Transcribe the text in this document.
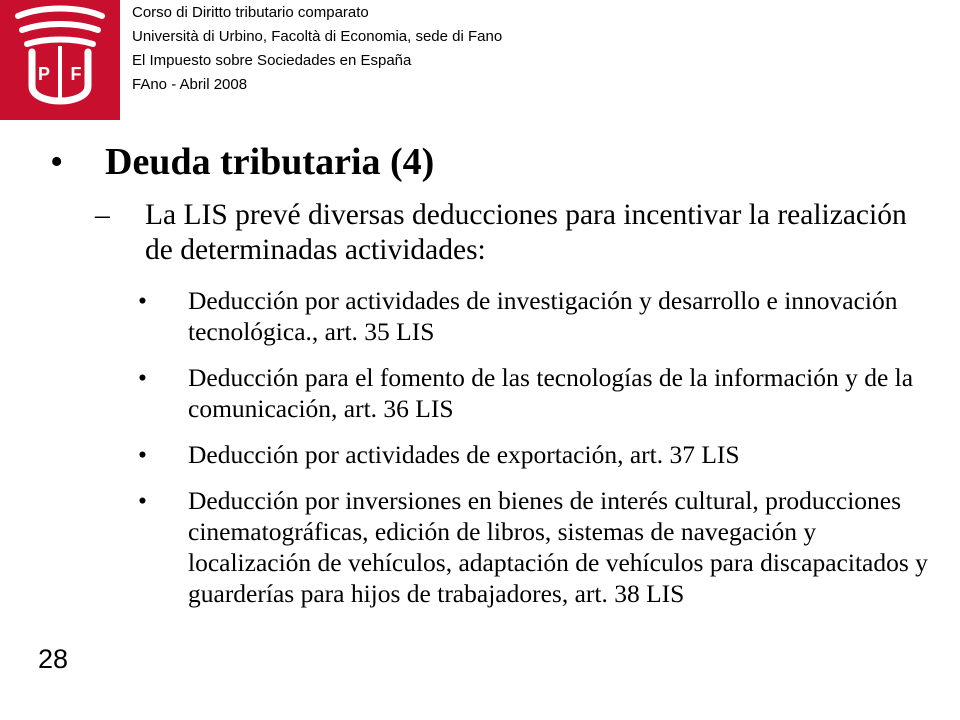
P F
Corso di Diritto tributario comparato
Università di Urbino, Facoltà di Economia, sede di Fano
El Impuesto sobre Sociedades en España
FAno - Abril 2008
• Deuda tributaria (4)
– La LIS prevé diversas deducciones para incentivar la realización de determinadas actividades:
• Deducción por actividades de investigación y desarrollo e innovación tecnológica., art. 35 LIS
• Deducción para el fomento de las tecnologías de la información y de la comunicación, art. 36 LIS
• Deducción por actividades de exportación, art. 37 LIS
• Deducción por inversiones en bienes de interés cultural, producciones cinematográficas, edición de libros, sistemas de navegación y localización de vehículos, adaptación de vehículos para discapacitados y guarderías para hijos de trabajadores, art. 38 LIS
28
